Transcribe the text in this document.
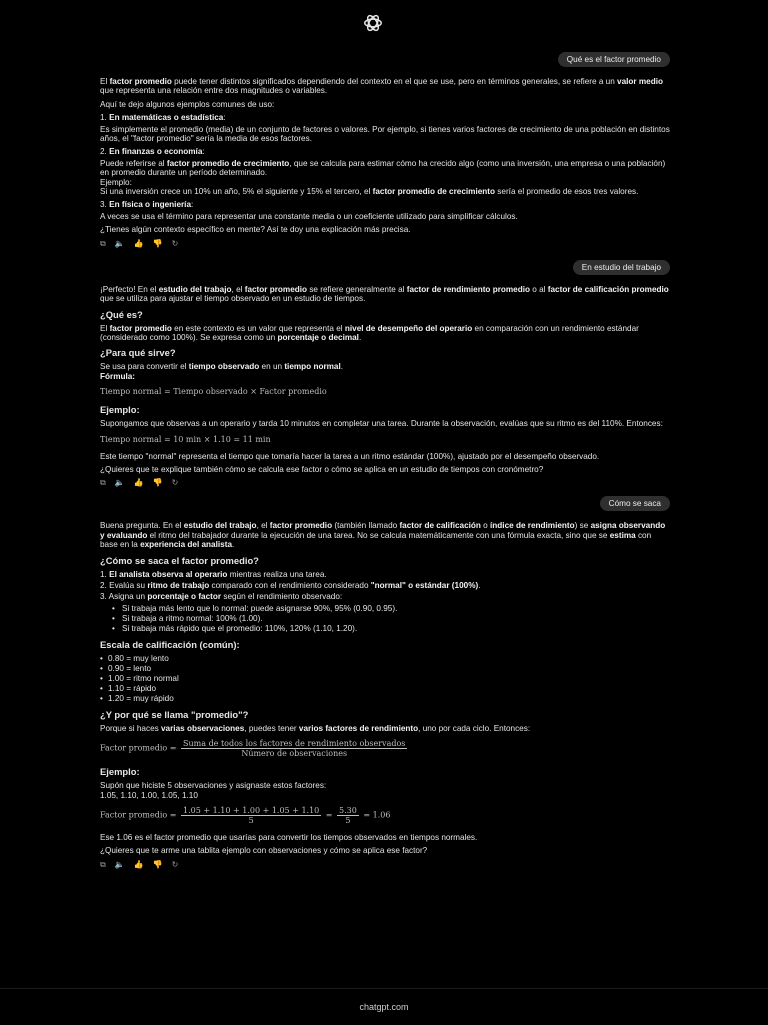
Qué es el factor promedio

El factor promedio puede tener distintos significados dependiendo del contexto en el que se use, pero en términos generales, se refiere a un valor medio que representa una relación entre dos magnitudes o variables.

Aquí te dejo algunos ejemplos comunes de uso:

1. En matemáticas o estadística:
Es simplemente el promedio (media) de un conjunto de factores o valores. Por ejemplo, si tienes varios factores de crecimiento de una población en distintos años, el "factor promedio" sería la media de esos factores.
2. En finanzas o economía:
Puede referirse al factor promedio de crecimiento, que se calcula para estimar cómo ha crecido algo (como una inversión, una empresa o una población) en promedio durante un período determinado.
Ejemplo:
Si una inversión crece un 10% un año, 5% el siguiente y 15% el tercero, el factor promedio de crecimiento sería el promedio de esos tres valores.
3. En física o ingeniería:
A veces se usa el término para representar una constante media o un coeficiente utilizado para simplificar cálculos.

¿Tienes algún contexto específico en mente? Así te doy una explicación más precisa.

⧉ 🔈 👍 👎 ↻
En estudio del trabajo

¡Perfecto! En el estudio del trabajo, el factor promedio se refiere generalmente al factor de rendimiento promedio o al factor de calificación promedio que se utiliza para ajustar el tiempo observado en un estudio de tiempos.

¿Qué es?

El factor promedio en este contexto es un valor que representa el nivel de desempeño del operario en comparación con un rendimiento estándar (considerado como 100%). Se expresa como un porcentaje o decimal.

¿Para qué sirve?

Se usa para convertir el tiempo observado en un tiempo normal.

Fórmula:

Tiempo normal = Tiempo observado × Factor promedio
Ejemplo:

Supongamos que observas a un operario y tarda 10 minutos en completar una tarea. Durante la observación, evalúas que su ritmo es del 110%. Entonces:

Tiempo normal = 10 min × 1.10 = 11 min

Este tiempo "normal" representa el tiempo que tomaría hacer la tarea a un ritmo estándar (100%), ajustado por el desempeño observado.

¿Quieres que te explique también cómo se calcula ese factor o cómo se aplica en un estudio de tiempos con cronómetro?

⧉ 🔈 👍 👎 ↻
Cómo se saca

Buena pregunta. En el estudio del trabajo, el factor promedio (también llamado factor de calificación o índice de rendimiento) se asigna observando y evaluando el ritmo del trabajador durante la ejecución de una tarea. No se calcula matemáticamente con una fórmula exacta, sino que se estima con base en la experiencia del analista.

¿Cómo se saca el factor promedio?
1. El analista observa al operario mientras realiza una tarea.
2. Evalúa su ritmo de trabajo comparado con el rendimiento considerado "normal" o estándar (100%).
3. Asigna un porcentaje o factor según el rendimiento observado:
• Si trabaja más lento que lo normal: puede asignarse 90%, 95% (0.90, 0.95).
• Si trabaja a ritmo normal: 100% (1.00).
• Si trabaja más rápido que el promedio: 110%, 120% (1.10, 1.20).
Escala de calificación (común):
• 0.80 = muy lento
• 0.90 = lento
• 1.00 = ritmo normal
• 1.10 = rápido
• 1.20 = muy rápido
¿Y por qué se llama "promedio"?

Porque si haces varias observaciones, puedes tener varios factores de rendimiento, uno por cada ciclo. Entonces:

Factor promedio = $\frac{\text{Suma de todos los factores de rendimiento observados}}{\text{Número de observaciones}}$
Ejemplo:

Supón que hiciste 5 observaciones y asignaste estos factores:

1.05, 1.10, 1.00, 1.05, 1.10

Factor promedio = $\frac{1.05 + 1.10 + 1.00 + 1.05 + 1.10}{5} = \frac{5.30}{5} = 1.06$

Ese 1.06 es el factor promedio que usarías para convertir los tiempos observados en tiempos normales.

¿Quieres que te arme una tablita ejemplo con observaciones y cómo se aplica ese factor?

⧉ 🔈 👍 👎 ↻
chatgpt.com
